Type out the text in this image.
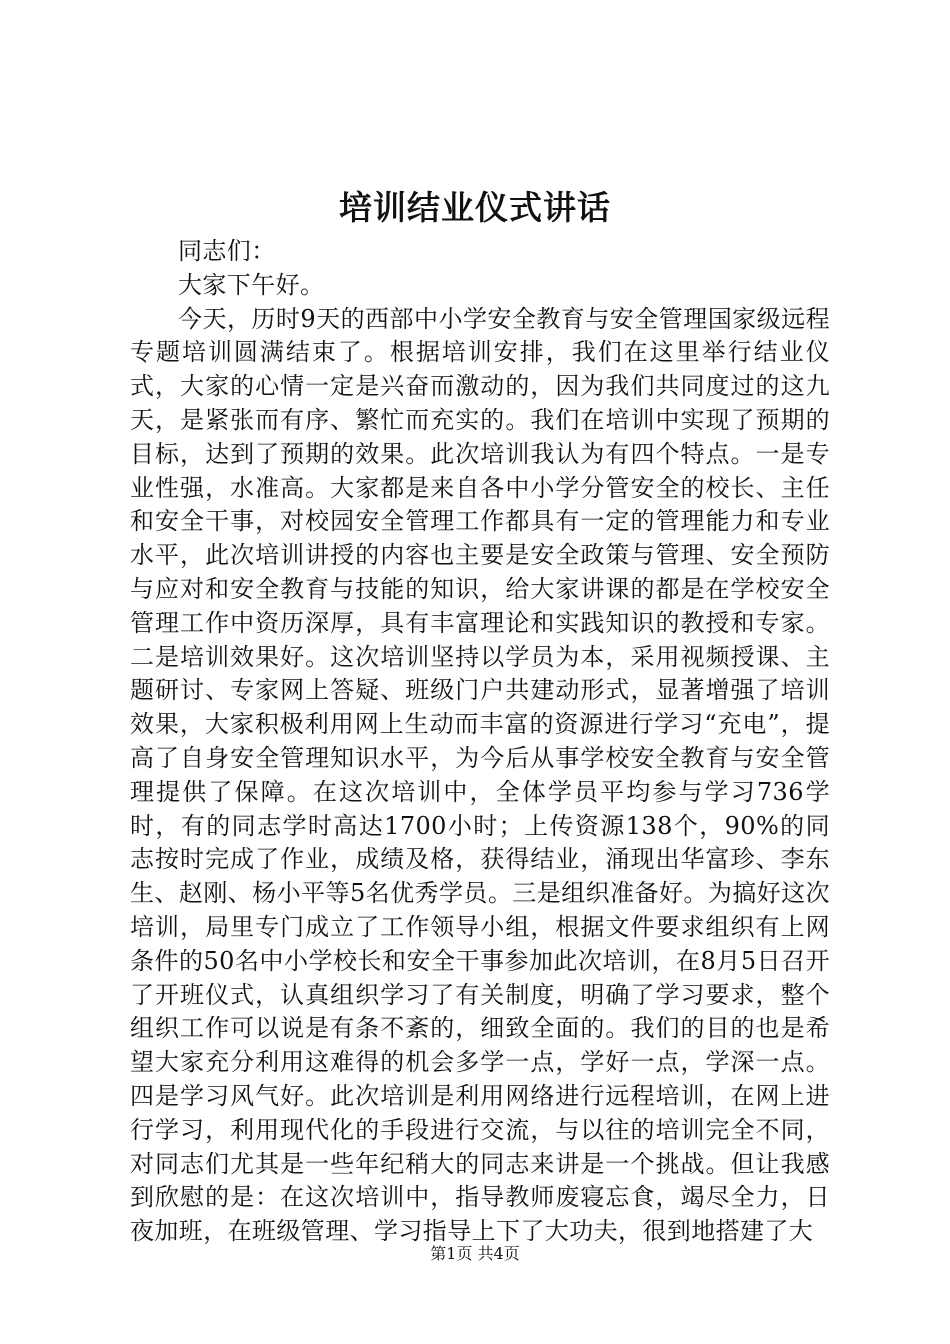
培训结业仪式讲话

同志们：

大家下午好。

今天，历时9天的西部中小学安全教育与安全管理国家级远程专题培训圆满结束了。根据培训安排，我们在这里举行结业仪式，大家的心情一定是兴奋而激动的，因为我们共同度过的这九天，是紧张而有序、繁忙而充实的。我们在培训中实现了预期的目标，达到了预期的效果。此次培训我认为有四个特点。一是专业性强，水准高。大家都是来自各中小学分管安全的校长、主任和安全干事，对校园安全管理工作都具有一定的管理能力和专业水平，此次培训讲授的内容也主要是安全政策与管理、安全预防与应对和安全教育与技能的知识，给大家讲课的都是在学校安全管理工作中资历深厚，具有丰富理论和实践知识的教授和专家。二是培训效果好。这次培训坚持以学员为本，采用视频授课、主题研讨、专家网上答疑、班级门户共建动形式，显著增强了培训效果，大家积极利用网上生动而丰富的资源进行学习“充电”，提高了自身安全管理知识水平，为今后从事学校安全教育与安全管理提供了保障。在这次培训中，全体学员平均参与学习736学时，有的同志学时高达1700小时；上传资源138个，90%的同志按时完成了作业，成绩及格，获得结业，涌现出华富珍、李东生、赵刚、杨小平等5名优秀学员。三是组织准备好。为搞好这次培训，局里专门成立了工作领导小组，根据文件要求组织有上网条件的50名中小学校长和安全干事参加此次培训，在8月5日召开了开班仪式，认真组织学习了有关制度，明确了学习要求，整个组织工作可以说是有条不紊的，细致全面的。我们的目的也是希望大家充分利用这难得的机会多学一点，学好一点，学深一点。四是学习风气好。此次培训是利用网络进行远程培训，在网上进行学习，利用现代化的手段进行交流，与以往的培训完全不同，对同志们尤其是一些年纪稍大的同志来讲是一个挑战。但让我感到欣慰的是：在这次培训中，指导教师废寝忘食，竭尽全力，日夜加班，在班级管理、学习指导上下了大功夫，很到地搭建了大

第1页 共4页
